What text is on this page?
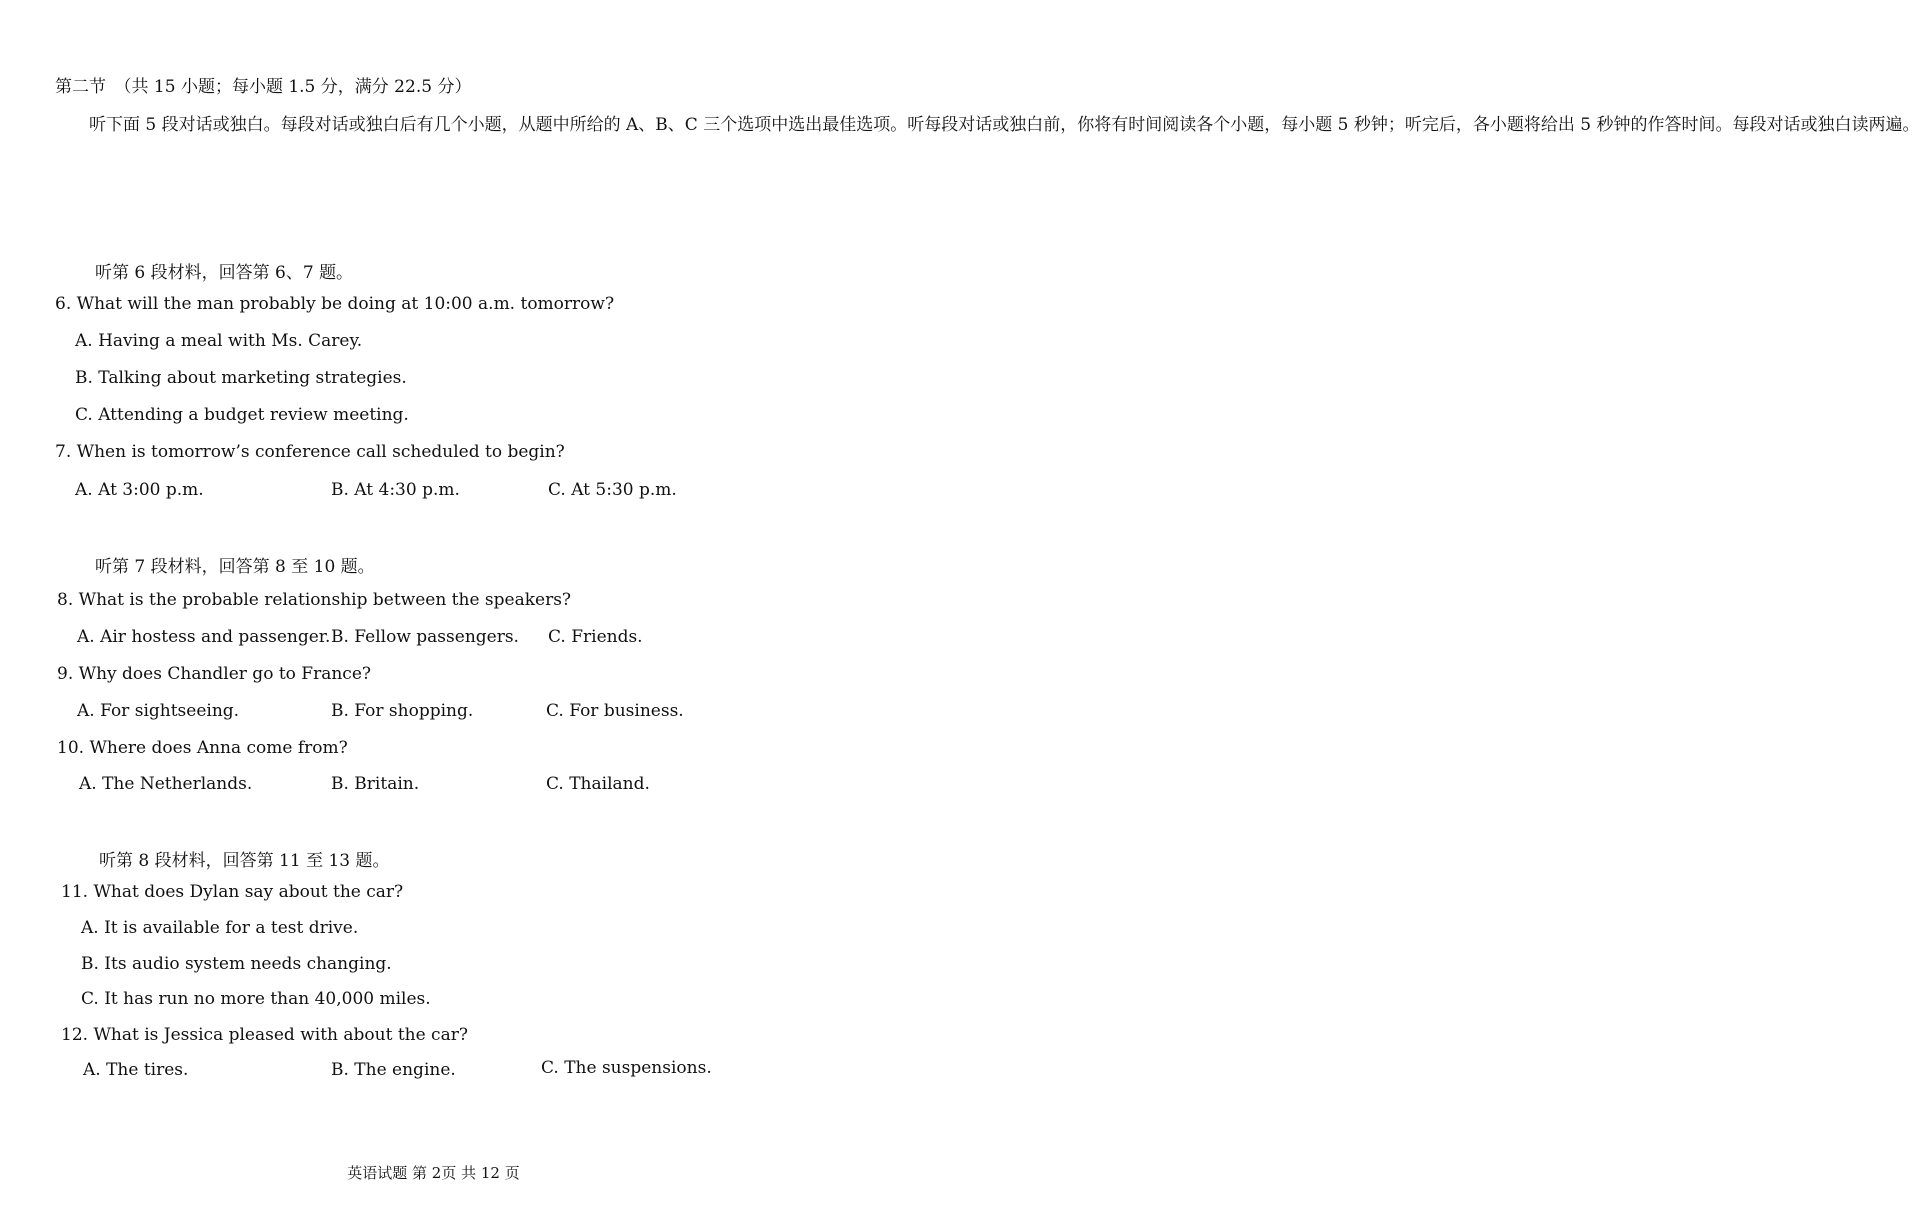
第二节　（共 15 小题；每小题 1.5 分，满分 22.5 分）

听下面 5 段对话或独白。每段对话或独白后有几个小题，从题中所给的 A、B、C 三个选项中选出最佳选项。听每段对话或独白前，你将有时间阅读各个小题，每小题 5 秒钟；听完后，各小题将给出 5 秒钟的作答时间。每段对话或独白读两遍。

听第 6 段材料，回答第 6、7 题。
6. What will the man probably be doing at 10:00 a.m. tomorrow?
A. Having a meal with Ms. Carey.
B. Talking about marketing strategies.
C. Attending a budget review meeting.
7. When is tomorrow’s conference call scheduled to begin?
A. At 3:00 p.m.	B. At 4:30 p.m.	C. At 5:30 p.m.
听第 7 段材料，回答第 8 至 10 题。
8. What is the probable relationship between the speakers?
A. Air hostess and passenger. B. Fellow passengers. C. Friends.
9. Why does Chandler go to France?
A. For sightseeing.	B. For shopping.	C. For business.
10. Where does Anna come from?
A. The Netherlands.	B. Britain.	C. Thailand.
听第 8 段材料，回答第 11 至 13 题。
11. What does Dylan say about the car?
A. It is available for a test drive.
B. Its audio system needs changing.
C. It has run no more than 40,000 miles.
12. What is Jessica pleased with about the car?
A. The tires.	B. The engine.	C. The suspensions.
英语试题 第 2页 共 12 页
